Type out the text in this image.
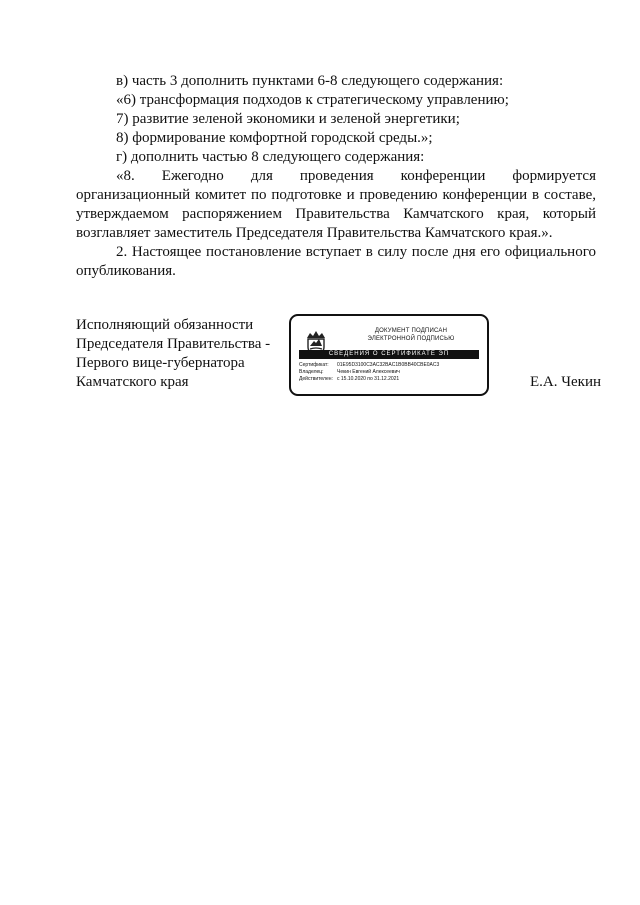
в) часть 3 дополнить пунктами 6-8 следующего содержания:

«6) трансформация подходов к стратегическому управлению;

7) развитие зеленой экономики и зеленой энергетики;

8) формирование комфортной городской среды.»;

г) дополнить частью 8 следующего содержания:

«8. Ежегодно для проведения конференции формируется организационный комитет по подготовке и проведению конференции в составе, утверждаемом распоряжением Правительства Камчатского края, который возглавляет заместитель Председателя Правительства Камчатского края.».

2. Настоящее постановление вступает в силу после дня его официального опубликования.

Исполняющий обязанности
Председателя Правительства -
Первого вице-губернатора
Камчатского края
ДОКУМЕНТ ПОДПИСАН
ЭЛЕКТРОННОЙ ПОДПИСЬЮ
СВЕДЕНИЯ О СЕРТИФИКАТЕ ЭП
Сертификат:	01E95D3100C3AC32BAC1B0BB40CBE0AC3
Владелец:	Чекин Евгений Алексеевич
Действителен: с 15.10.2020 по 31.12.2021	Е.А. Чекин
